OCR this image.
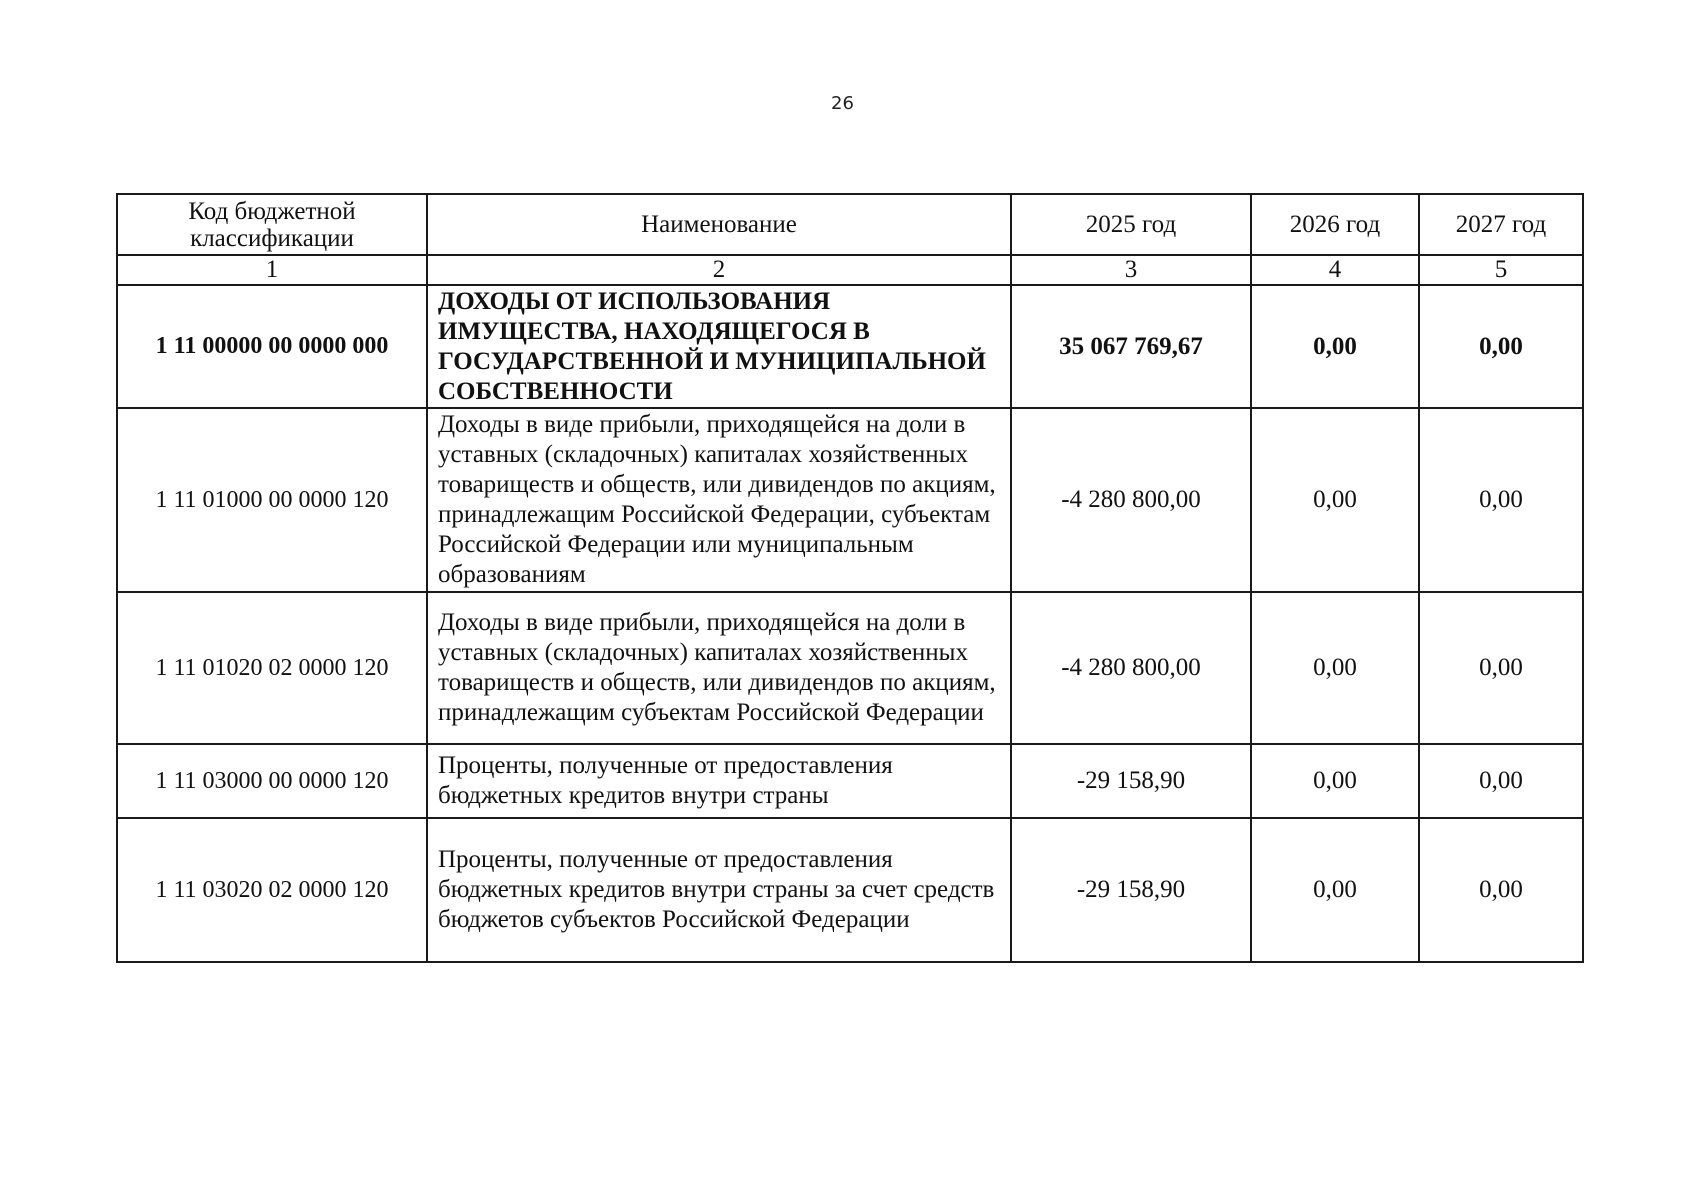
26
Код бюджетной классификации	Наименование	2025 год	2026 год	2027 год
1	2	3	4	5
1 11 00000 00 0000 000	ДОХОДЫ ОТ ИСПОЛЬЗОВАНИЯ ИМУЩЕСТВА, НАХОДЯЩЕГОСЯ В ГОСУДАРСТВЕННОЙ И МУНИЦИПАЛЬНОЙ СОБСТВЕННОСТИ	35 067 769,67	0,00	0,00
1 11 01000 00 0000 120	Доходы в виде прибыли, приходящейся на доли в уставных (складочных) капиталах хозяйственных товариществ и обществ, или дивидендов по акциям, принадлежащим Российской Федерации, субъектам Российской Федерации или муниципальным образованиям	-4 280 800,00	0,00	0,00
1 11 01020 02 0000 120	Доходы в виде прибыли, приходящейся на доли в уставных (складочных) капиталах хозяйственных товариществ и обществ, или дивидендов по акциям, принадлежащим субъектам Российской Федерации	-4 280 800,00	0,00	0,00
1 11 03000 00 0000 120	Проценты, полученные от предоставления бюджетных кредитов внутри страны	-29 158,90	0,00	0,00
1 11 03020 02 0000 120	Проценты, полученные от предоставления бюджетных кредитов внутри страны за счет средств бюджетов субъектов Российской Федерации	-29 158,90	0,00	0,00
